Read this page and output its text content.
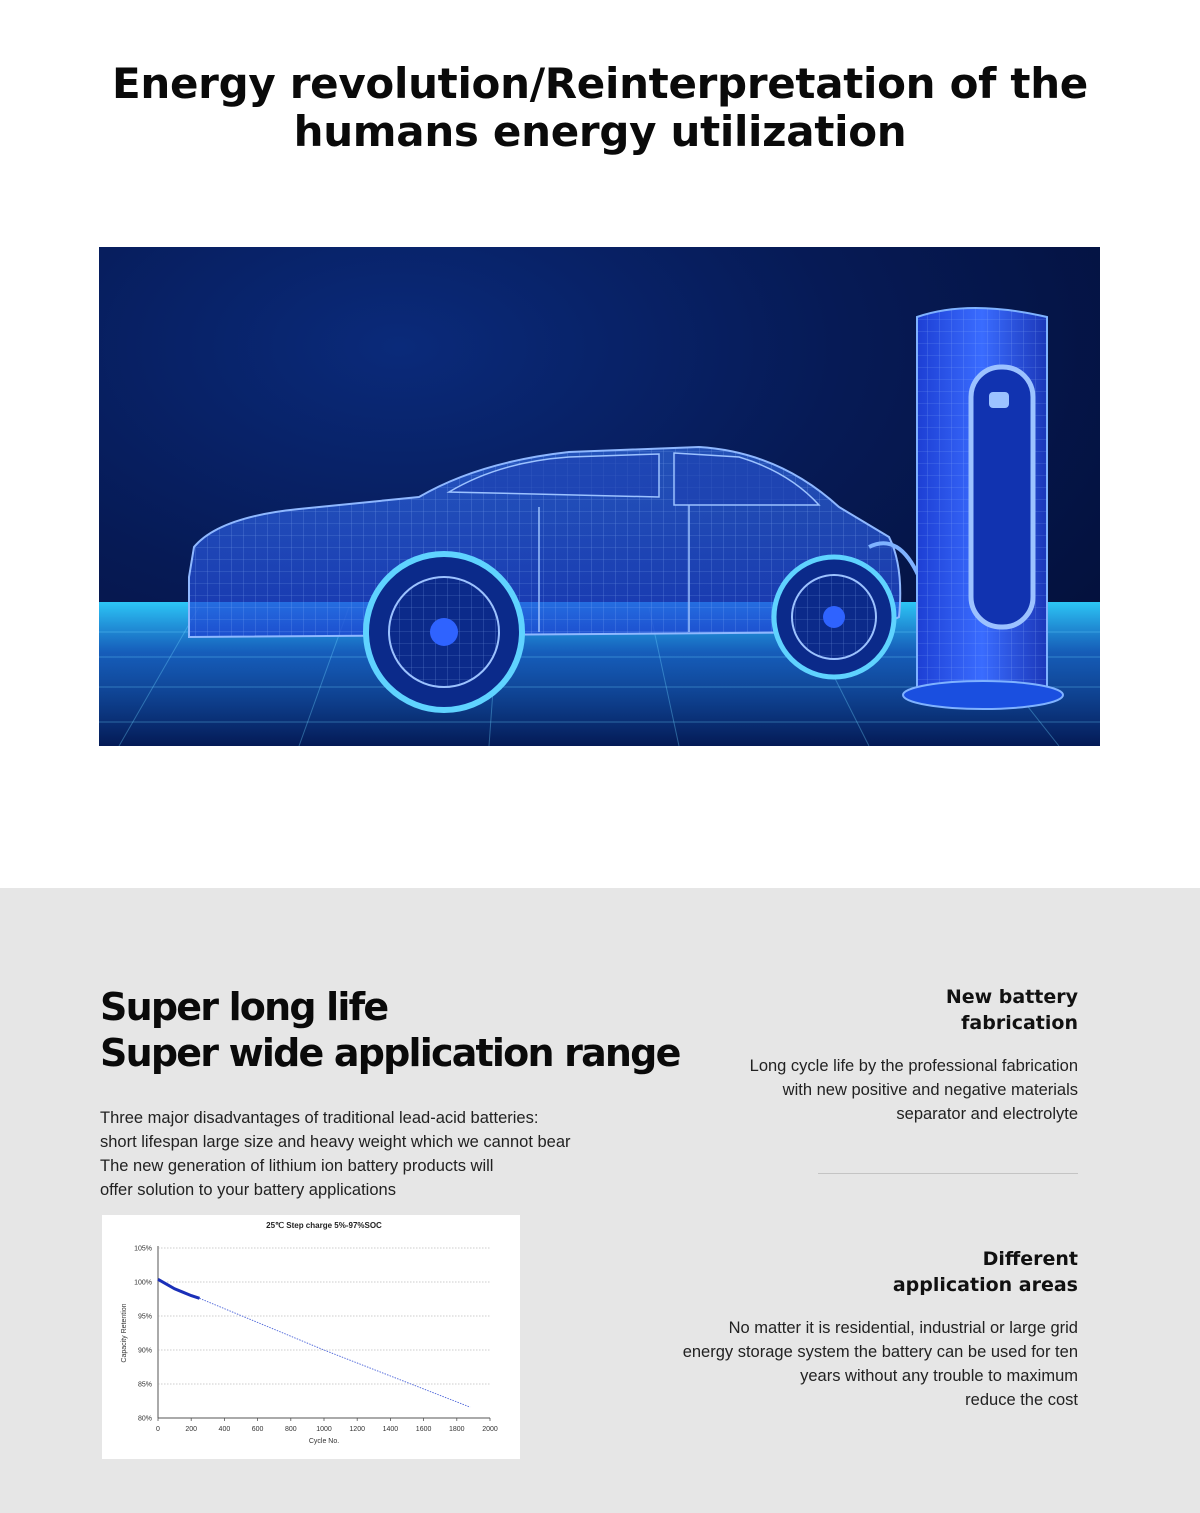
Energy revolution/Reinterpretation of the
humans energy utilization
Super long life
Super wide application range
Three major disadvantages of traditional lead-acid batteries:
short lifespan large size and heavy weight which we cannot bear
The new generation of lithium ion battery products will
offer solution to your battery applications
25℃ Step charge 5%-97%SOC
80%
85%
90%
95%
100%
105%
0	200	400	600	800	1000	1200	1400	1600	1800	2000
Cycle No.
Capacity Retention
New battery
fabrication
Long cycle life by the professional fabrication
with new positive and negative materials
separator and electrolyte
Different
application areas
No matter it is residential, industrial or large grid
energy storage system the battery can be used for ten
years without any trouble to maximum
reduce the cost
